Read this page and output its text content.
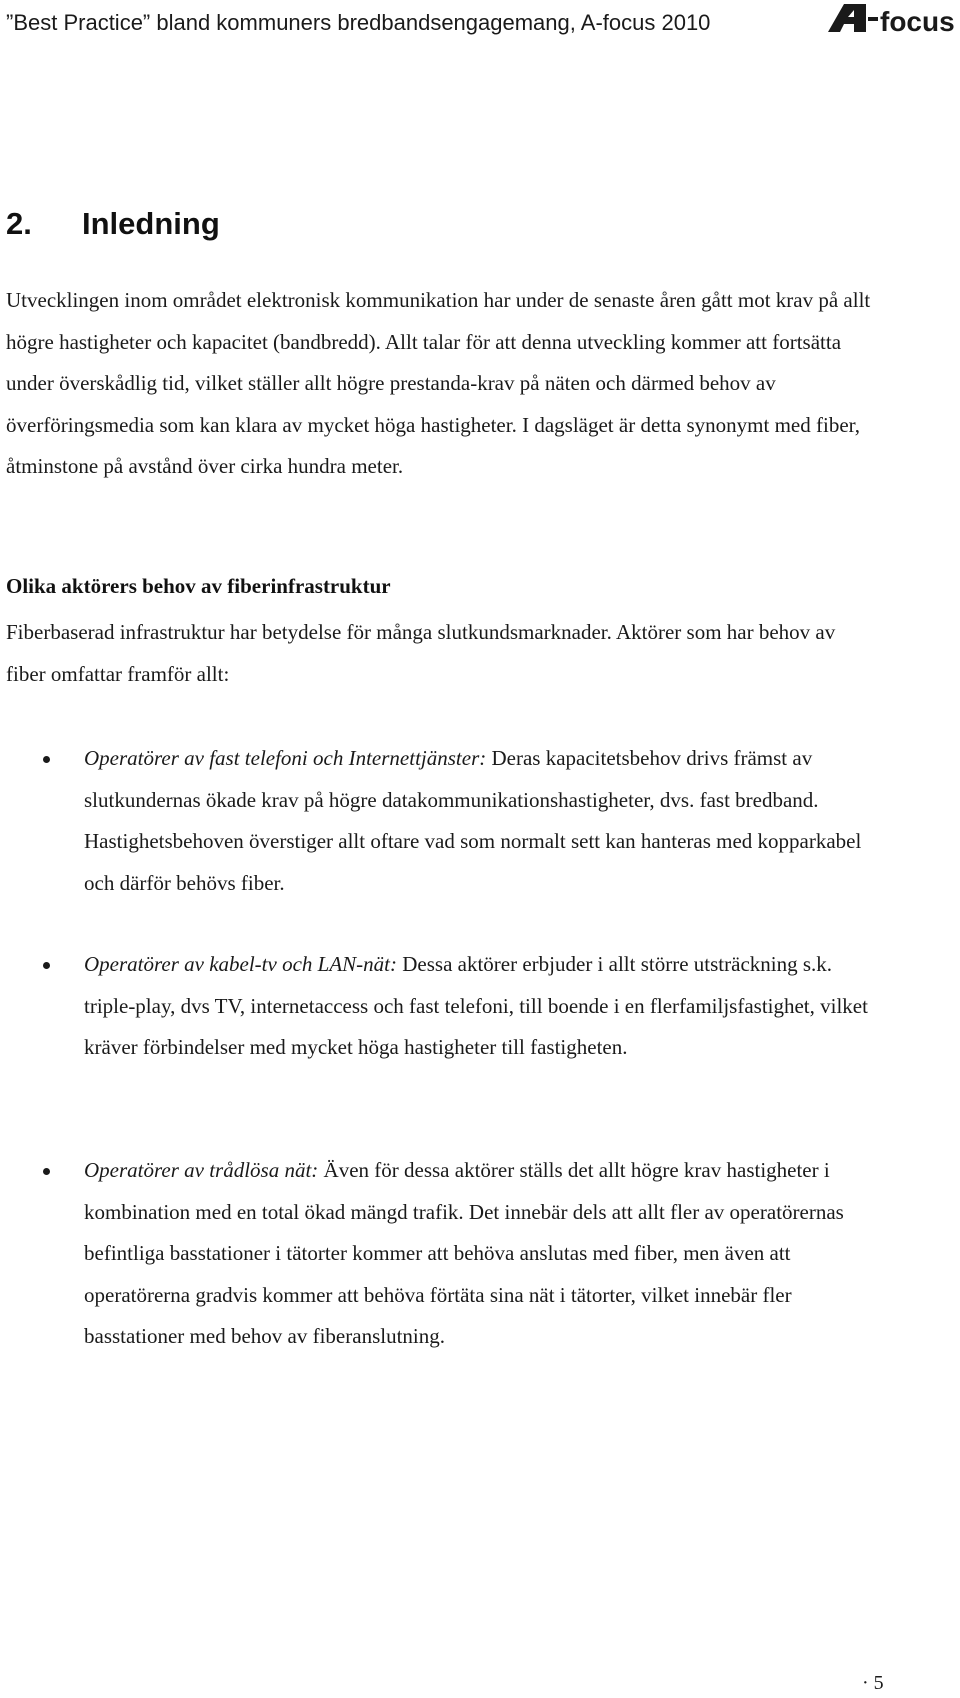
”Best Practice” bland kommuners bredbandsengagemang, A-focus 2010	focus
2. Inledning

Utvecklingen inom området elektronisk kommunikation har under de senaste åren gått mot krav på allt högre hastigheter och kapacitet (bandbredd). Allt talar för att denna utveckling kommer att fortsätta under överskådlig tid, vilket ställer allt högre prestanda-krav på näten och därmed behov av överföringsmedia som kan klara av mycket höga hastigheter. I dagsläget är detta synonymt med fiber, åtminstone på avstånd över cirka hundra meter.

Olika aktörers behov av fiberinfrastruktur

Fiberbaserad infrastruktur har betydelse för många slutkundsmarknader. Aktörer som har behov av fiber omfattar framför allt:

Operatörer av fast telefoni och Internettjänster: Deras kapacitetsbehov drivs främst av slutkundernas ökade krav på högre datakommunikationshastigheter, dvs. fast bredband. Hastighetsbehoven överstiger allt oftare vad som normalt sett kan hanteras med kopparkabel och därför behövs fiber.

Operatörer av kabel-tv och LAN-nät: Dessa aktörer erbjuder i allt större utsträckning s.k. triple-play, dvs TV, internetaccess och fast telefoni, till boende i en flerfamiljsfastighet, vilket kräver förbindelser med mycket höga hastigheter till fastigheten.

Operatörer av trådlösa nät: Även för dessa aktörer ställs det allt högre krav hastigheter i kombination med en total ökad mängd trafik. Det innebär dels att allt fler av operatörernas befintliga basstationer i tätorter kommer att behöva anslutas med fiber, men även att operatörerna gradvis kommer att behöva förtäta sina nät i tätorter, vilket innebär fler basstationer med behov av fiberanslutning.

· 5
